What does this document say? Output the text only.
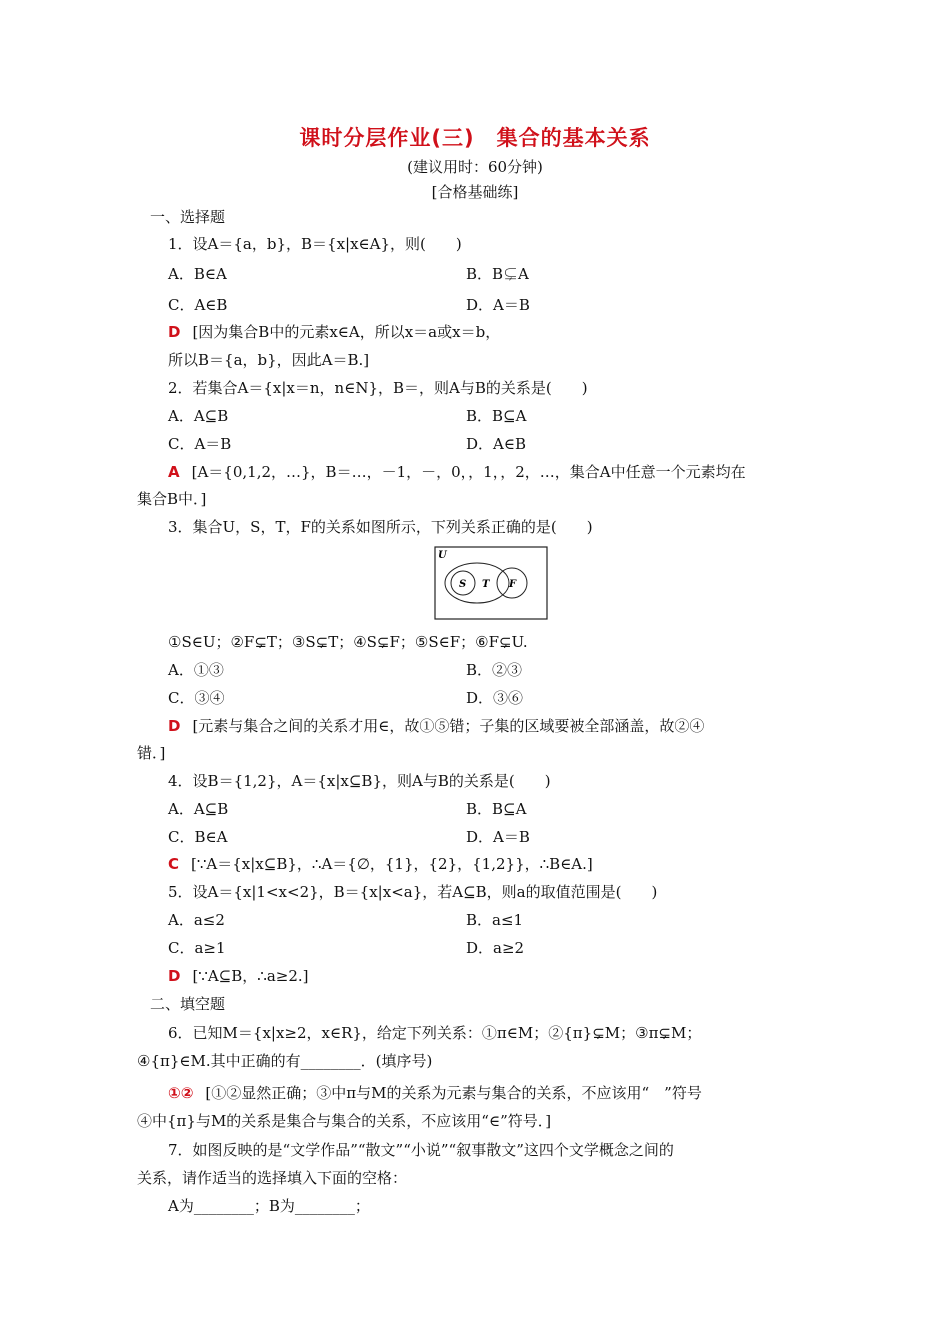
课时分层作业(三)　集合的基本关系
(建议用时：60分钟)
[合格基础练]
一、选择题
1．设A＝{a，b}，B＝{x|x∈A}，则(　　)
A．B∈A	B．B⊊A
C．A∈B	D．A＝B
D [因为集合B中的元素x∈A，所以x＝a或x＝b，
所以B＝{a，b}，因此A＝B.]
2．若集合A＝{x|x＝n，n∈N}，B＝，则A与B的关系是(　　)
A．A⊆B	B．B⊆A
C．A＝B	D．A∈B
A [A＝{0,1,2，…}，B＝…，－1，－，0，，1，，2，…，集合A中任意一个元素均在
集合B中．]
3．集合U，S，T，F的关系如图所示，下列关系正确的是(　　)
U
S T F
①S∈U；②F⊊T；③S⊊T；④S⊊F；⑤S∈F；⑥F⊊U.
A．①③	B．②③
C．③④	D．③⑥
D [元素与集合之间的关系才用∈，故①⑤错；子集的区域要被全部涵盖，故②④
错．]
4．设B＝{1,2}，A＝{x|x⊆B}，则A与B的关系是(　　)
A．A⊆B	B．B⊆A
C．B∈A	D．A＝B
C [∵A＝{x|x⊆B}，∴A＝{∅，{1}，{2}，{1,2}}，∴B∈A.]
5．设A＝{x|1<x<2}，B＝{x|x<a}，若A⊆B，则a的取值范围是(　　)
A．a≤2	B．a≤1
C．a≥1	D．a≥2
D [∵A⊆B，∴a≥2.]
二、填空题
6．已知M＝{x|x≥2，x∈R}，给定下列关系：①π∈M；②{π}⊊M；③π⊊M；
④{π}∈M.其中正确的有________．(填序号)
①② [①②显然正确；③中π与M的关系为元素与集合的关系，不应该用“　”符号
④中{π}与M的关系是集合与集合的关系，不应该用“∈”符号．]
7．如图反映的是“文学作品”“散文”“小说”“叙事散文”这四个文学概念之间的
关系，请作适当的选择填入下面的空格：
A为________；B为________；
